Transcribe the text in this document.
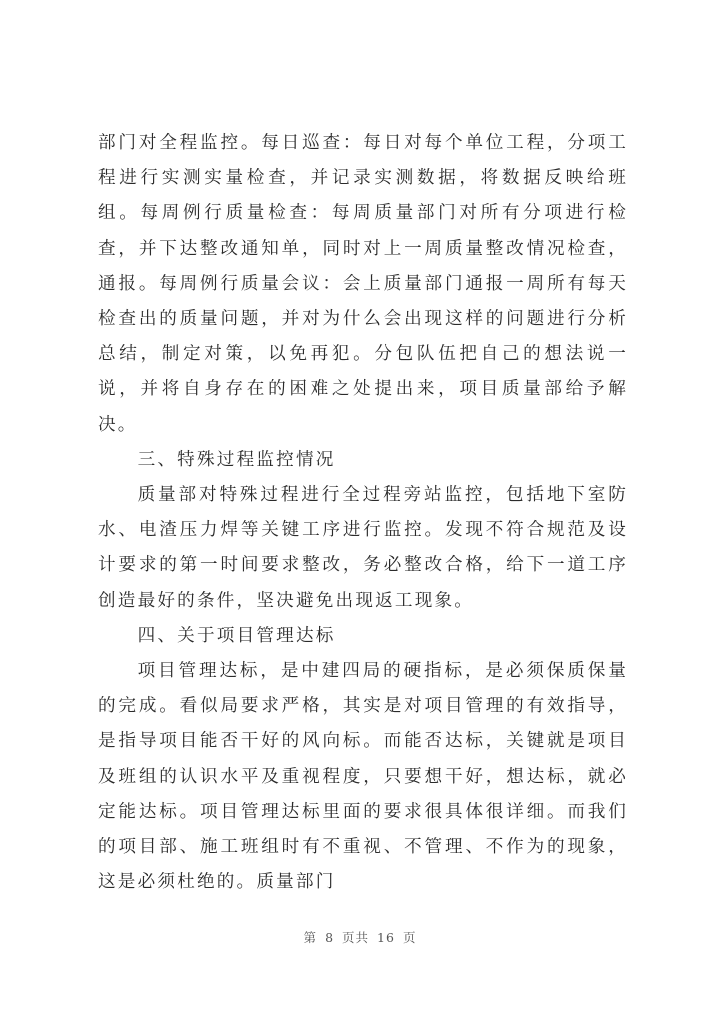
部门对全程监控。每日巡查：每日对每个单位工程，分项工程进行实测实量检查，并记录实测数据，将数据反映给班组。每周例行质量检查：每周质量部门对所有分项进行检查，并下达整改通知单，同时对上一周质量整改情况检查，通报。每周例行质量会议：会上质量部门通报一周所有每天检查出的质量问题，并对为什么会出现这样的问题进行分析总结，制定对策，以免再犯。分包队伍把自己的想法说一说，并将自身存在的困难之处提出来，项目质量部给予解决。

三、特殊过程监控情况

质量部对特殊过程进行全过程旁站监控，包括地下室防水、电渣压力焊等关键工序进行监控。发现不符合规范及设计要求的第一时间要求整改，务必整改合格，给下一道工序创造最好的条件，坚决避免出现返工现象。

四、关于项目管理达标

项目管理达标，是中建四局的硬指标，是必须保质保量的完成。看似局要求严格，其实是对项目管理的有效指导，是指导项目能否干好的风向标。而能否达标，关键就是项目及班组的认识水平及重视程度，只要想干好，想达标，就必定能达标。项目管理达标里面的要求很具体很详细。而我们的项目部、施工班组时有不重视、不管理、不作为的现象，这是必须杜绝的。质量部门

第 8 页共 16 页
